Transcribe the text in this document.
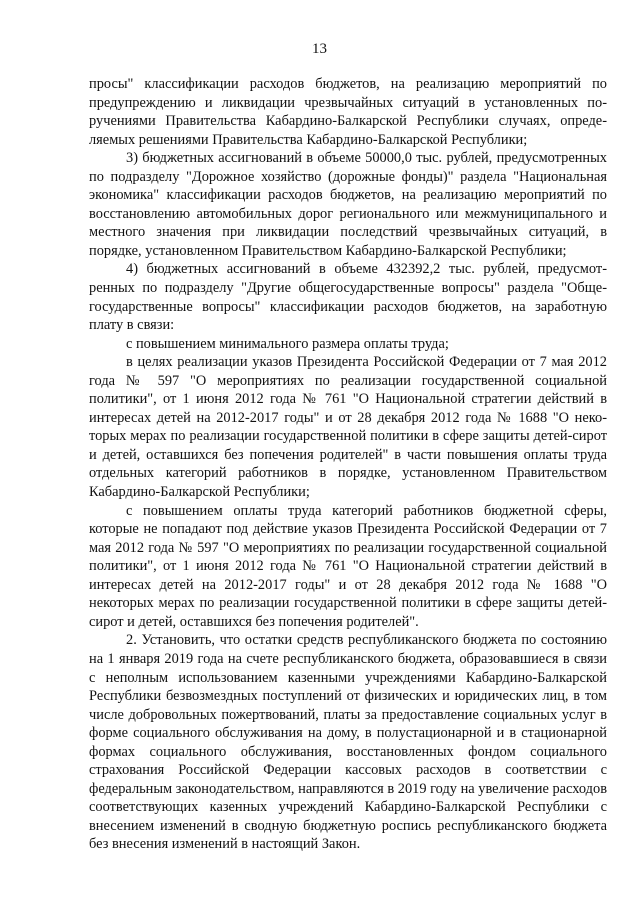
13

просы" классификации расходов бюджетов, на реализацию мероприятий по предупреждению и ликвидации чрезвычайных ситуаций в установленных поручениями Правительства Кабардино-Балкарской Республики случаях, определяемых решениями Правительства Кабардино-Балкарской Республики;

3) бюджетных ассигнований в объеме 50000,0 тыс. рублей, предусмотренных по подразделу "Дорожное хозяйство (дорожные фонды)" раздела "Национальная экономика" классификации расходов бюджетов, на реализацию мероприятий по восстановлению автомобильных дорог регионального или межмуниципального и местного значения при ликвидации последствий чрезвычайных ситуаций, в порядке, установленном Правительством Кабардино-Балкарской Республики;

4) бюджетных ассигнований в объеме 432392,2 тыс. рублей, предусмотренных по подразделу "Другие общегосударственные вопросы" раздела "Общегосударственные вопросы" классификации расходов бюджетов, на заработную плату в связи:

с повышением минимального размера оплаты труда;

в целях реализации указов Президента Российской Федерации от 7 мая 2012 года № 597 "О мероприятиях по реализации государственной социальной политики", от 1 июня 2012 года № 761 "О Национальной стратегии действий в интересах детей на 2012-2017 годы" и от 28 декабря 2012 года № 1688 "О некоторых мерах по реализации государственной политики в сфере защиты детей-сирот и детей, оставшихся без попечения родителей" в части повышения оплаты труда отдельных категорий работников в порядке, установленном Правительством Кабардино-Балкарской Республики;

с повышением оплаты труда категорий работников бюджетной сферы, которые не попадают под действие указов Президента Российской Федерации от 7 мая 2012 года № 597 "О мероприятиях по реализации государственной социальной политики", от 1 июня 2012 года № 761 "О Национальной стратегии действий в интересах детей на 2012-2017 годы" и от 28 декабря 2012 года № 1688 "О некоторых мерах по реализации государственной политики в сфере защиты детей-сирот и детей, оставшихся без попечения родителей".

2. Установить, что остатки средств республиканского бюджета по состоянию на 1 января 2019 года на счете республиканского бюджета, образовавшиеся в связи с неполным использованием казенными учреждениями Кабардино-Балкарской Республики безвозмездных поступлений от физических и юридических лиц, в том числе добровольных пожертвований, платы за предоставление социальных услуг в форме социального обслуживания на дому, в полустационарной и в стационарной формах социального обслуживания, восстановленных фондом социального страхования Российской Федерации кассовых расходов в соответствии с федеральным законодательством, направляются в 2019 году на увеличение расходов соответствующих казенных учреждений Кабардино-Балкарской Республики с внесением изменений в сводную бюджетную роспись республиканского бюджета без внесения изменений в настоящий Закон.
